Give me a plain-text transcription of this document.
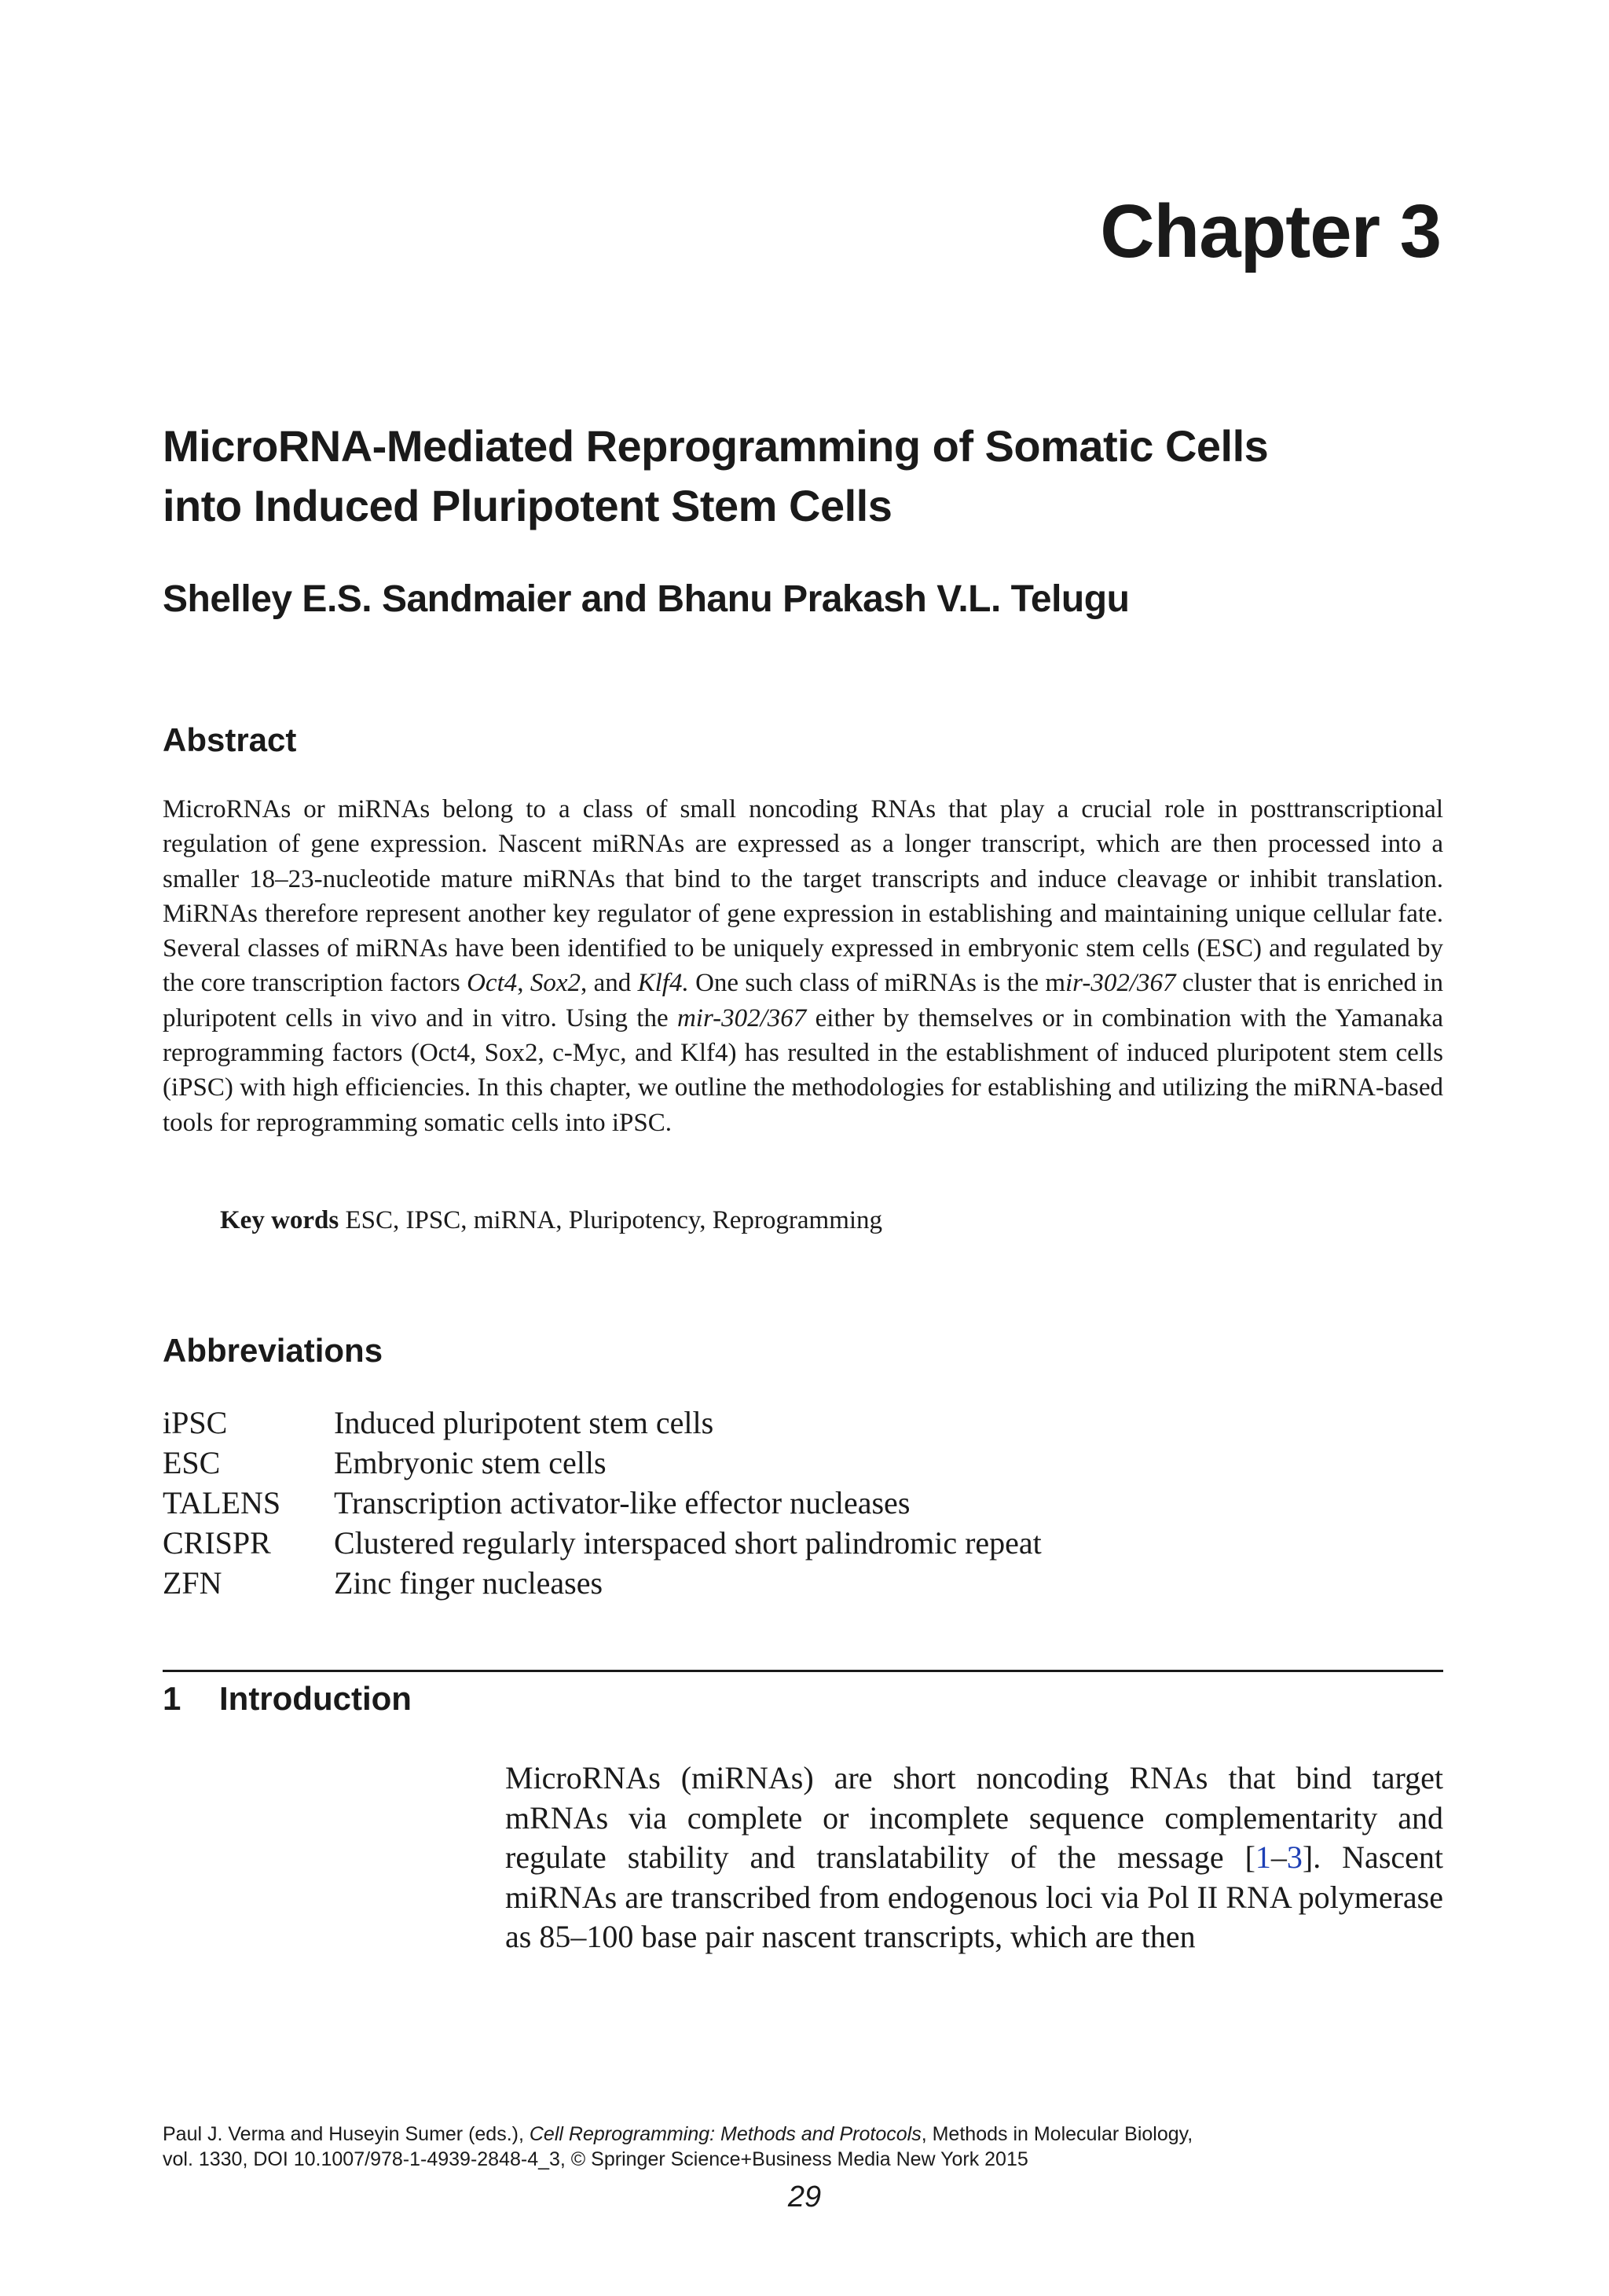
Chapter 3
MicroRNA-Mediated Reprogramming of Somatic Cells
into Induced Pluripotent Stem Cells
Shelley E.S. Sandmaier and Bhanu Prakash V.L. Telugu
Abstract
MicroRNAs or miRNAs belong to a class of small noncoding RNAs that play a crucial role in posttranscriptional regulation of gene expression. Nascent miRNAs are expressed as a longer transcript, which are then processed into a smaller 18–23-nucleotide mature miRNAs that bind to the target transcripts and induce cleavage or inhibit translation. MiRNAs therefore represent another key regulator of gene expression in establishing and maintaining unique cellular fate. Several classes of miRNAs have been identified to be uniquely expressed in embryonic stem cells (ESC) and regulated by the core transcription factors Oct4, Sox2, and Klf4. One such class of miRNAs is the mir-302/367 cluster that is enriched in pluripotent cells in vivo and in vitro. Using the mir-302/367 either by themselves or in combination with the Yamanaka reprogramming factors (Oct4, Sox2, c-Myc, and Klf4) has resulted in the establishment of induced pluripotent stem cells (iPSC) with high efficiencies. In this chapter, we outline the methodologies for establishing and utilizing the miRNA-based tools for reprogramming somatic cells into iPSC.
Key words ESC, IPSC, miRNA, Pluripotency, Reprogramming
Abbreviations
iPSC	Induced pluripotent stem cells
ESC	Embryonic stem cells
TALENS	Transcription activator-like effector nucleases
CRISPR	Clustered regularly interspaced short palindromic repeat
ZFN	Zinc finger nucleases
1 Introduction
MicroRNAs (miRNAs) are short noncoding RNAs that bind target mRNAs via complete or incomplete sequence complementarity and regulate stability and translatability of the message [1–3]. Nascent miRNAs are transcribed from endogenous loci via Pol II RNA polymerase as 85–100 base pair nascent transcripts, which are then
Paul J. Verma and Huseyin Sumer (eds.), Cell Reprogramming: Methods and Protocols, Methods in Molecular Biology,
vol. 1330, DOI 10.1007/978-1-4939-2848-4_3, © Springer Science+Business Media New York 2015
29
